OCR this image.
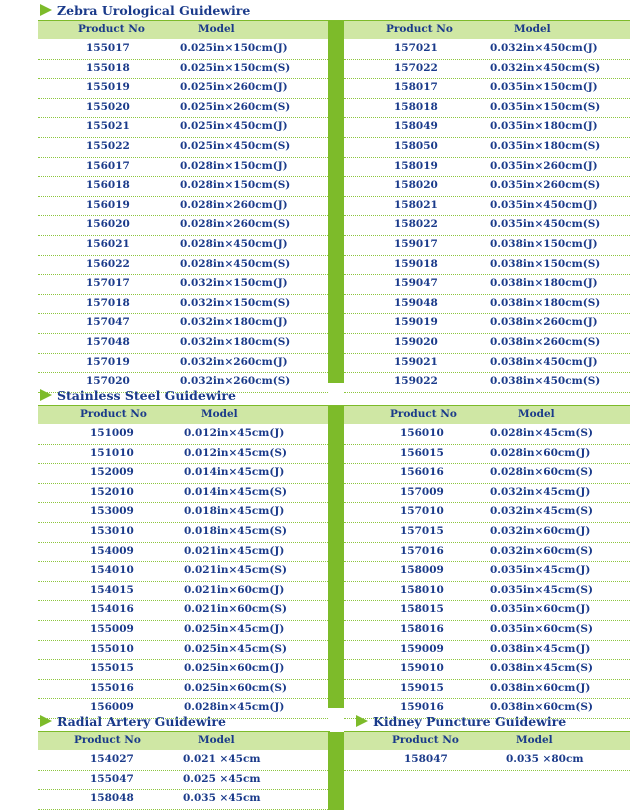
Zebra Urological Guidewire
Product No	Model
155017	0.025in×150cm(J)
155018	0.025in×150cm(S)
155019	0.025in×260cm(J)
155020	0.025in×260cm(S)
155021	0.025in×450cm(J)
155022	0.025in×450cm(S)
156017	0.028in×150cm(J)
156018	0.028in×150cm(S)
156019	0.028in×260cm(J)
156020	0.028in×260cm(S)
156021	0.028in×450cm(J)
156022	0.028in×450cm(S)
157017	0.032in×150cm(J)
157018	0.032in×150cm(S)
157047	0.032in×180cm(J)
157048	0.032in×180cm(S)
157019	0.032in×260cm(J)
157020	0.032in×260cm(S)
Product No	Model
157021	0.032in×450cm(J)
157022	0.032in×450cm(S)
158017	0.035in×150cm(J)
158018	0.035in×150cm(S)
158049	0.035in×180cm(J)
158050	0.035in×180cm(S)
158019	0.035in×260cm(J)
158020	0.035in×260cm(S)
158021	0.035in×450cm(J)
158022	0.035in×450cm(S)
159017	0.038in×150cm(J)
159018	0.038in×150cm(S)
159047	0.038in×180cm(J)
159048	0.038in×180cm(S)
159019	0.038in×260cm(J)
159020	0.038in×260cm(S)
159021	0.038in×450cm(J)
159022	0.038in×450cm(S)
Stainless Steel Guidewire
Product No	Model
151009	0.012in×45cm(J)
151010	0.012in×45cm(S)
152009	0.014in×45cm(J)
152010	0.014in×45cm(S)
153009	0.018in×45cm(J)
153010	0.018in×45cm(S)
154009	0.021in×45cm(J)
154010	0.021in×45cm(S)
154015	0.021in×60cm(J)
154016	0.021in×60cm(S)
155009	0.025in×45cm(J)
155010	0.025in×45cm(S)
155015	0.025in×60cm(J)
155016	0.025in×60cm(S)
156009	0.028in×45cm(J)
Product No	Model
156010	0.028in×45cm(S)
156015	0.028in×60cm(J)
156016	0.028in×60cm(S)
157009	0.032in×45cm(J)
157010	0.032in×45cm(S)
157015	0.032in×60cm(J)
157016	0.032in×60cm(S)
158009	0.035in×45cm(J)
158010	0.035in×45cm(S)
158015	0.035in×60cm(J)
158016	0.035in×60cm(S)
159009	0.038in×45cm(J)
159010	0.038in×45cm(S)
159015	0.038in×60cm(J)
159016	0.038in×60cm(S)
Radial Artery Guidewire
Product No	Model
154027	0.021 ×45cm
155047	0.025 ×45cm
158048	0.035 ×45cm
Kidney Puncture Guidewire
Product No	Model
158047	0.035 ×80cm
